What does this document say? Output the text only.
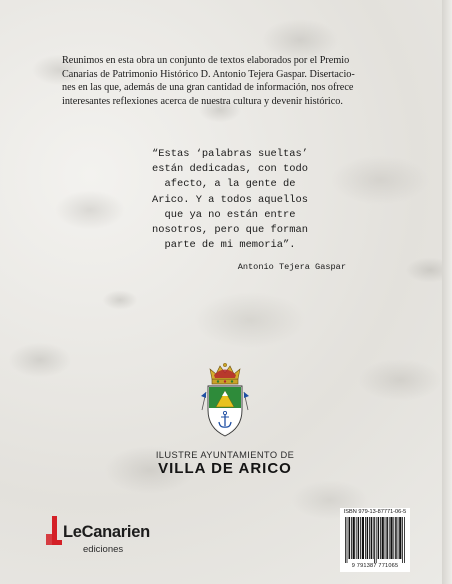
Reunimos en esta obra un conjunto de textos elaborados por el Premio
Canarias de Patrimonio Histórico D. Antonio Tejera Gaspar. Disertacio-
nes en las que, además de una gran cantidad de información, nos ofrece
interesantes reflexiones acerca de nuestra cultura y devenir histórico.

“Estas ‘palabras sueltas’
están dedicadas, con todo
afecto, a la gente de
Arico. Y a todos aquellos
que ya no están entre
nosotros, pero que forman
parte de mi memoria”.

Antonio Tejera Gaspar
ILUSTRE AYUNTAMIENTO DE
VILLA DE ARICO
LeCanarien
ediciones
ISBN 979-13-87771-06-5
9 791387 771065
